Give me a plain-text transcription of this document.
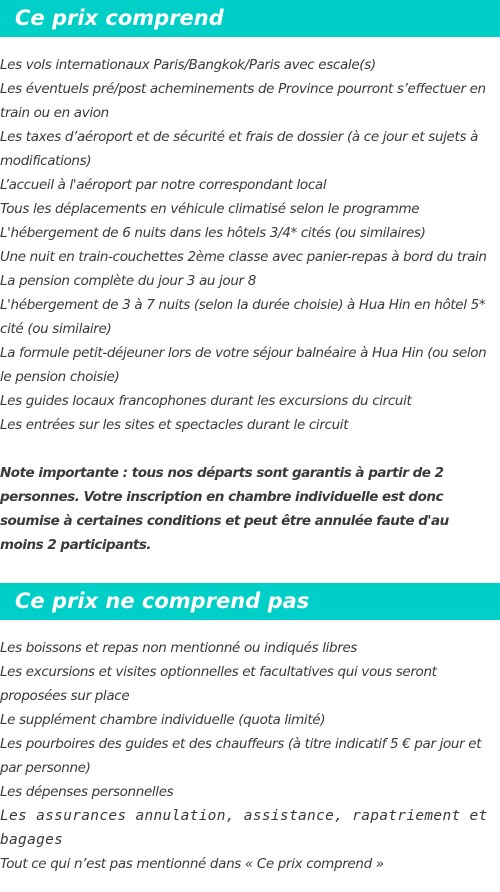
Ce prix comprend
Les vols internationaux Paris/Bangkok/Paris avec escale(s)
Les éventuels pré/post acheminements de Province pourront s’effectuer en train ou en avion
Les taxes d’aéroport et de sécurité et frais de dossier (à ce jour et sujets à modifications)
L’accueil à l'aéroport par notre correspondant local
Tous les déplacements en véhicule climatisé selon le programme
L'hébergement de 6 nuits dans les hôtels 3/4* cités (ou similaires)
Une nuit en train-couchettes 2ème classe avec panier-repas à bord du train
La pension complète du jour 3 au jour 8
L'hébergement de 3 à 7 nuits (selon la durée choisie) à Hua Hin en hôtel 5* cité (ou similaire)
La formule petit-déjeuner lors de votre séjour balnéaire à Hua Hin (ou selon le pension choisie)
Les guides locaux francophones durant les excursions du circuit
Les entrées sur les sites et spectacles durant le circuit

Note importante : tous nos départs sont garantis à partir de 2 personnes. Votre inscription en chambre individuelle est donc soumise à certaines conditions et peut être annulée faute d'au moins 2 participants.

Ce prix ne comprend pas
Les boissons et repas non mentionné ou indiqués libres
Les excursions et visites optionnelles et facultatives qui vous seront proposées sur place
Le supplément chambre individuelle (quota limité)
Les pourboires des guides et des chauffeurs (à titre indicatif 5 € par jour et par personne)
Les dépenses personnelles
Les assurances annulation, assistance, rapatriement et bagages
Tout ce qui n’est pas mentionné dans « Ce prix comprend »
